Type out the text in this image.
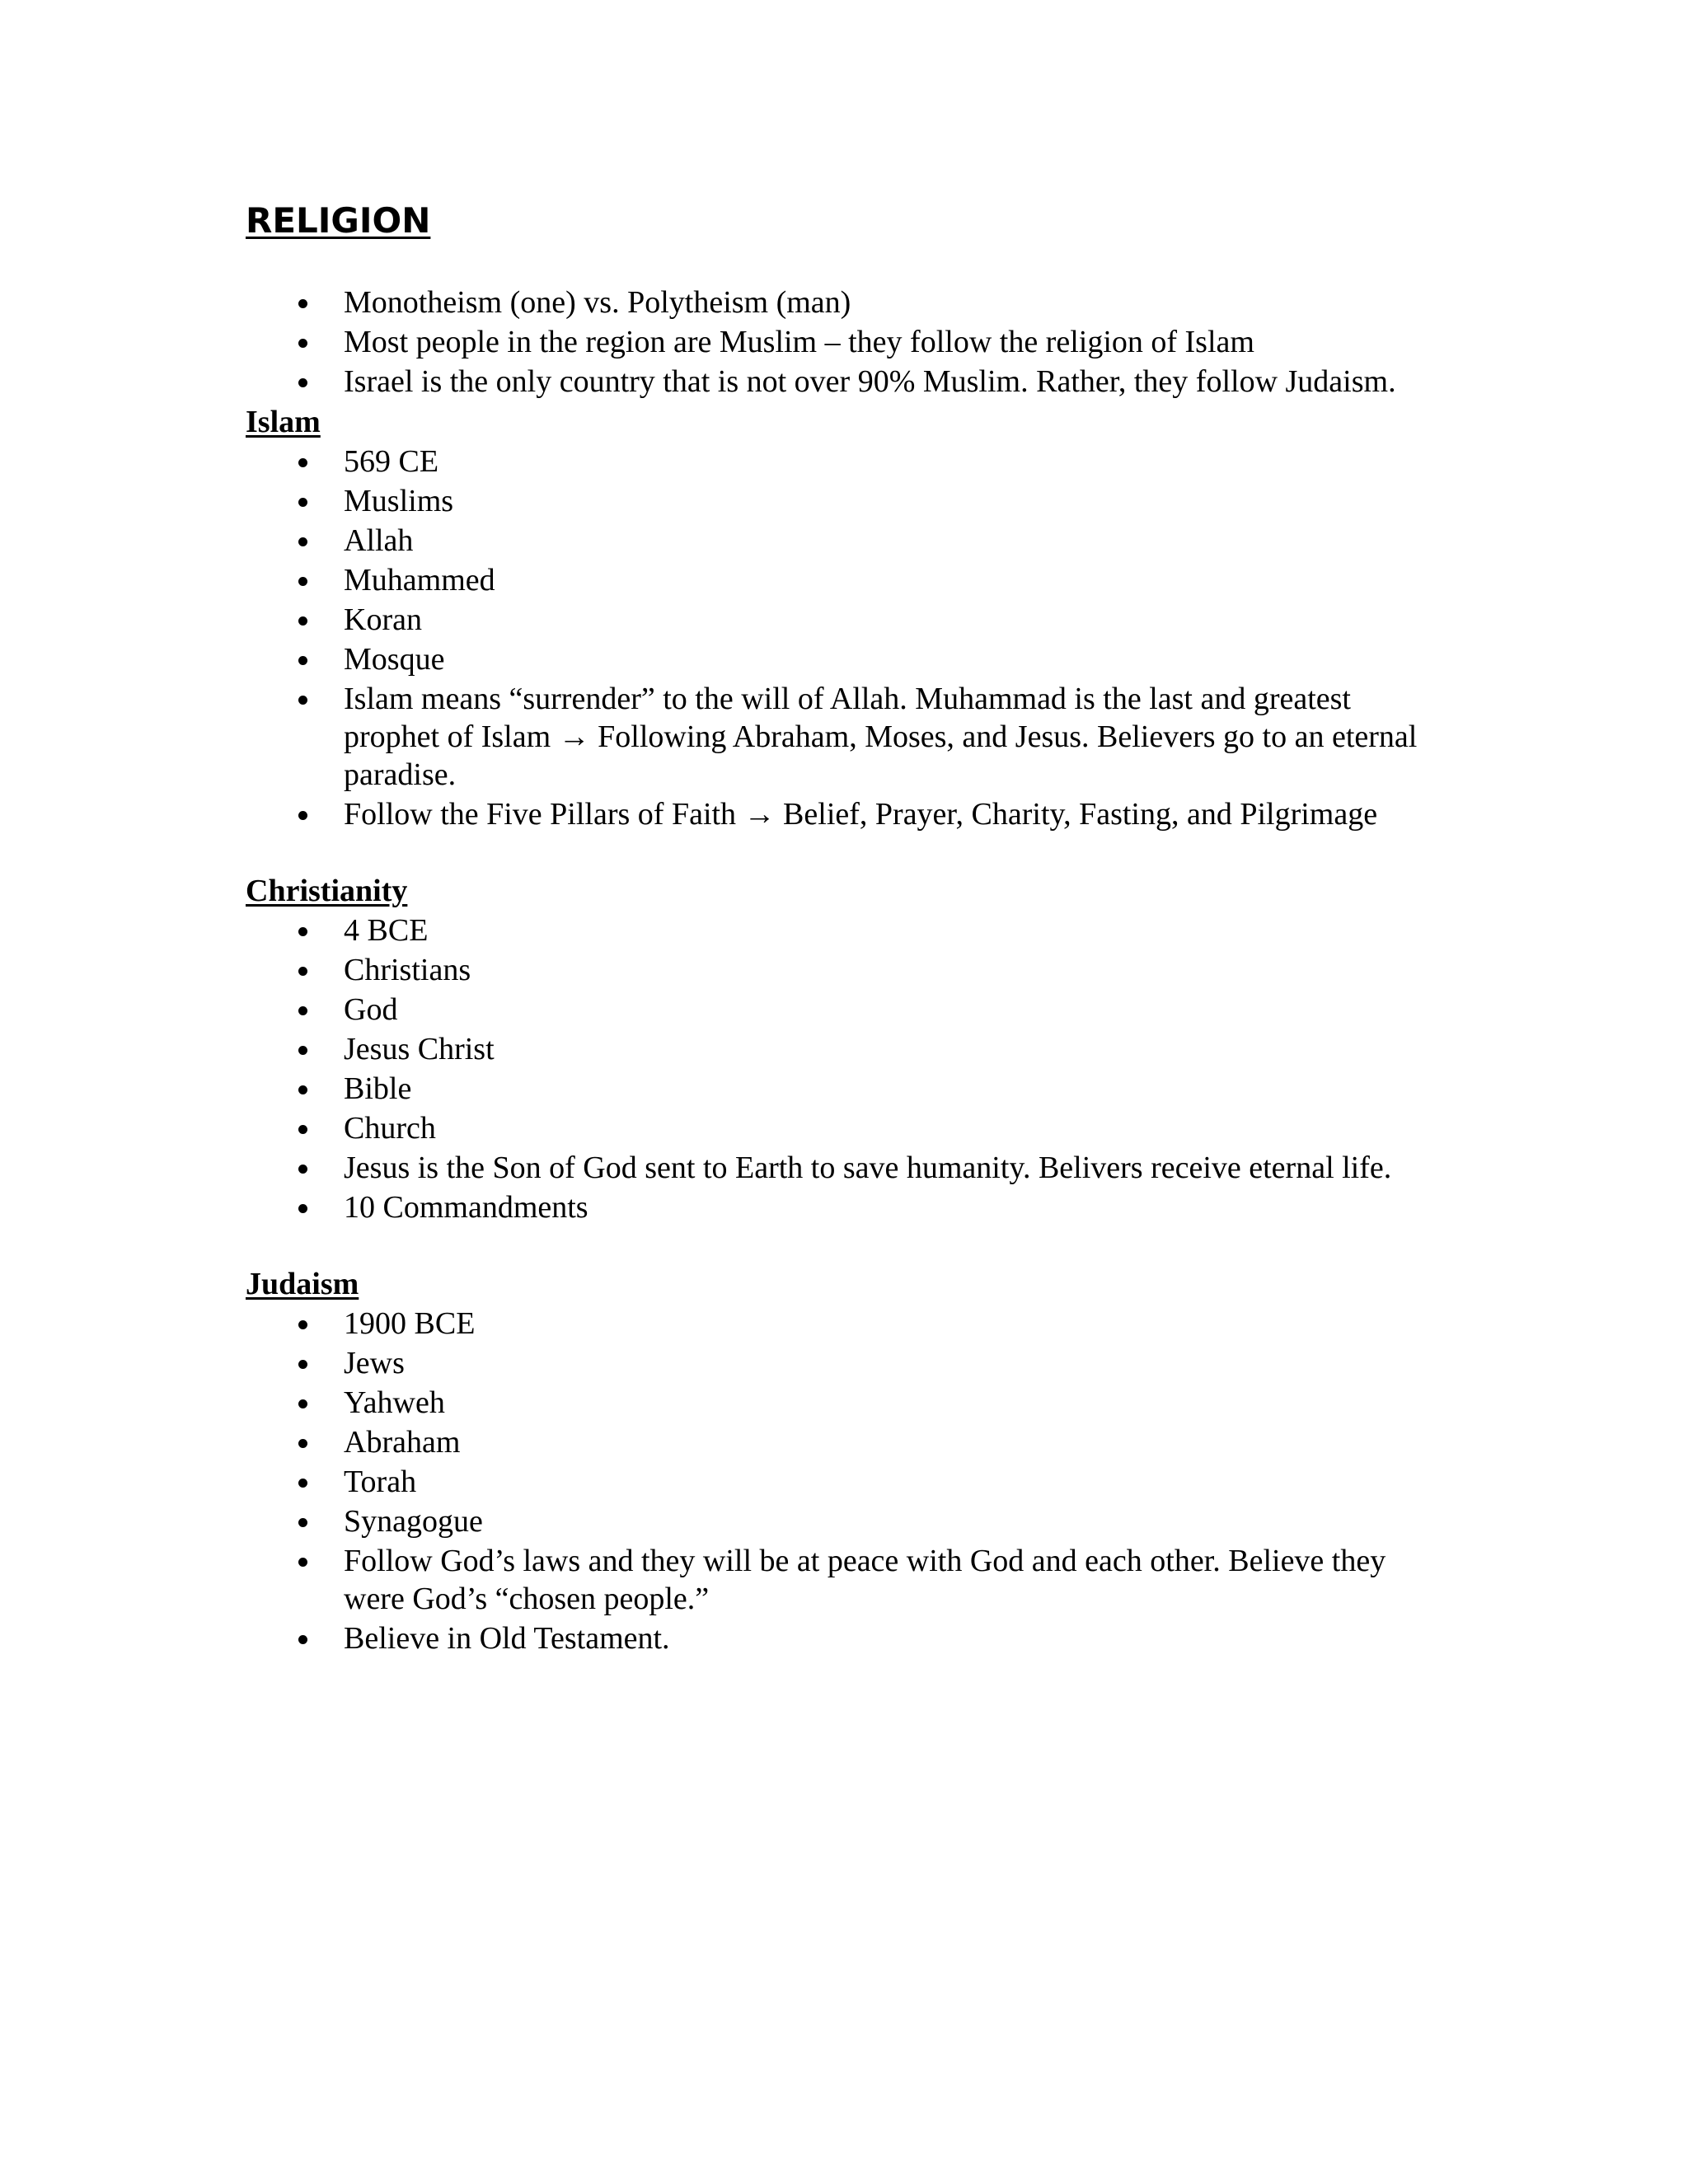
RELIGION
Monotheism (one) vs. Polytheism (man)
Most people in the region are Muslim – they follow the religion of Islam
Israel is the only country that is not over 90% Muslim. Rather, they follow Judaism.
Islam
569 CE
Muslims
Allah
Muhammed
Koran
Mosque
Islam means “surrender” to the will of Allah. Muhammad is the last and greatest prophet of Islam → Following Abraham, Moses, and Jesus. Believers go to an eternal paradise.
Follow the Five Pillars of Faith → Belief, Prayer, Charity, Fasting, and Pilgrimage
Christianity
4 BCE
Christians
God
Jesus Christ
Bible
Church
Jesus is the Son of God sent to Earth to save humanity. Belivers receive eternal life.
10 Commandments
Judaism
1900 BCE
Jews
Yahweh
Abraham
Torah
Synagogue
Follow God’s laws and they will be at peace with God and each other. Believe they were God’s “chosen people.”
Believe in Old Testament.
